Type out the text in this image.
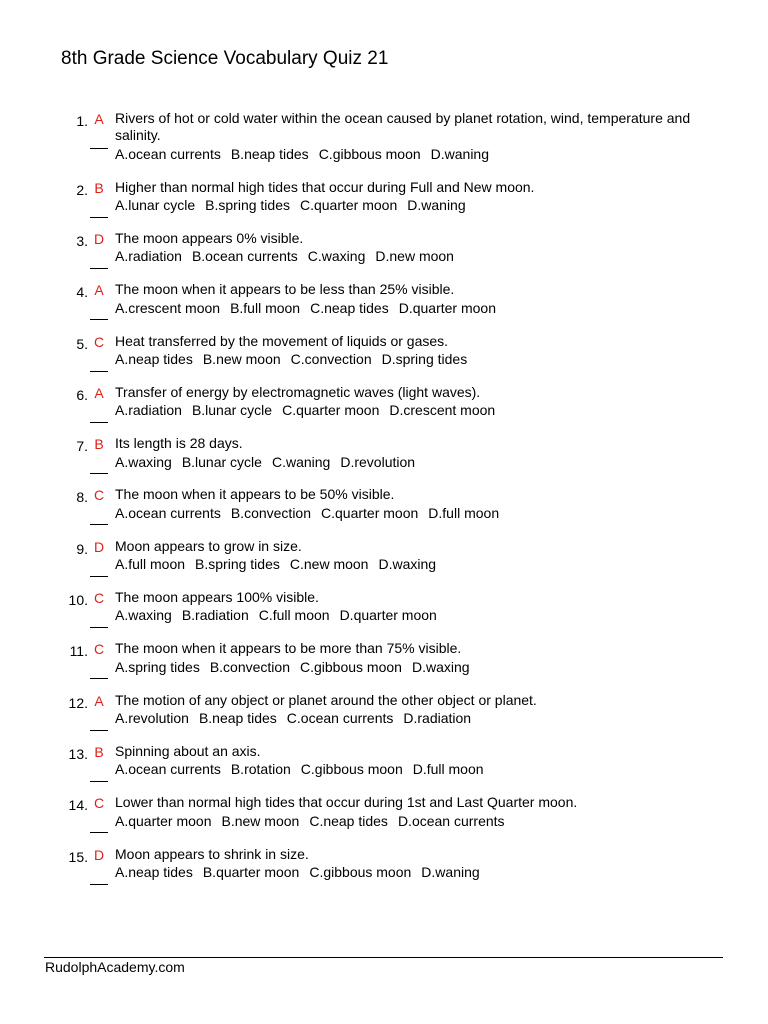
8th Grade Science Vocabulary Quiz 21
1. A Rivers of hot or cold water within the ocean caused by planet rotation, wind, temperature and salinity.
A.ocean currents B.neap tides C.gibbous moon D.waning
2. B Higher than normal high tides that occur during Full and New moon.
A.lunar cycle B.spring tides C.quarter moon D.waning
3. D The moon appears 0% visible.
A.radiation B.ocean currents C.waxing D.new moon
4. A The moon when it appears to be less than 25% visible.
A.crescent moon B.full moon C.neap tides D.quarter moon
5. C Heat transferred by the movement of liquids or gases.
A.neap tides B.new moon C.convection D.spring tides
6. A Transfer of energy by electromagnetic waves (light waves).
A.radiation B.lunar cycle C.quarter moon D.crescent moon
7. B Its length is 28 days.
A.waxing B.lunar cycle C.waning D.revolution
8. C The moon when it appears to be 50% visible.
A.ocean currents B.convection C.quarter moon D.full moon
9. D Moon appears to grow in size.
A.full moon B.spring tides C.new moon D.waxing
10. C The moon appears 100% visible.
A.waxing B.radiation C.full moon D.quarter moon
11. C The moon when it appears to be more than 75% visible.
A.spring tides B.convection C.gibbous moon D.waxing
12. A The motion of any object or planet around the other object or planet.
A.revolution B.neap tides C.ocean currents D.radiation
13. B Spinning about an axis.
A.ocean currents B.rotation C.gibbous moon D.full moon
14. C Lower than normal high tides that occur during 1st and Last Quarter moon.
A.quarter moon B.new moon C.neap tides D.ocean currents
15. D Moon appears to shrink in size.
A.neap tides B.quarter moon C.gibbous moon D.waning
RudolphAcademy.com
